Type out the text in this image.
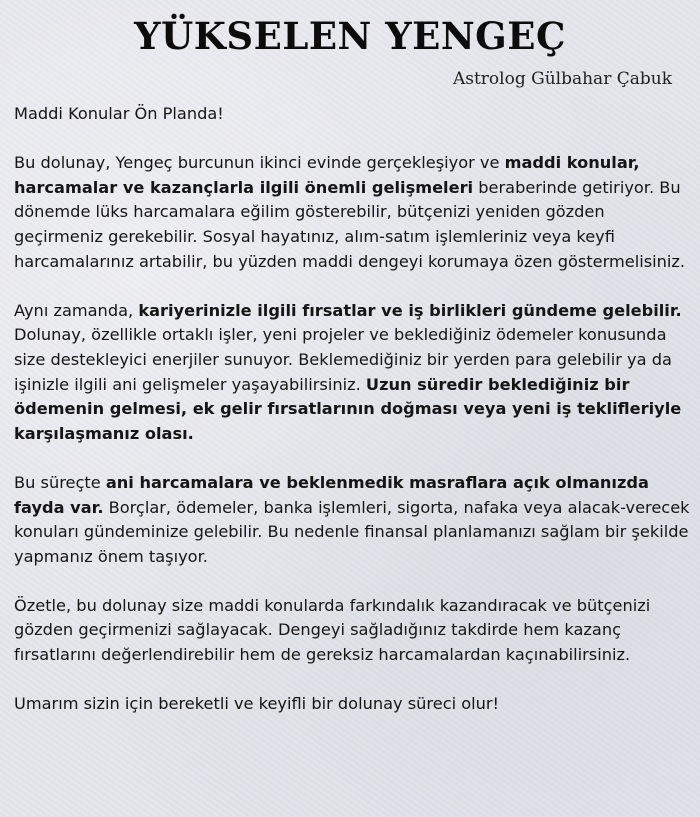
YÜKSELEN YENGEÇ
Astrolog Gülbahar Çabuk

Maddi Konular Ön Planda!

Bu dolunay, Yengeç burcunun ikinci evinde gerçekleşiyor ve maddi konular, harcamalar ve kazançlarla ilgili önemli gelişmeleri beraberinde getiriyor. Bu dönemde lüks harcamalara eğilim gösterebilir, bütçenizi yeniden gözden geçirmeniz gerekebilir. Sosyal hayatınız, alım-satım işlemleriniz veya keyfi harcamalarınız artabilir, bu yüzden maddi dengeyi korumaya özen göstermelisiniz.

Aynı zamanda, kariyerinizle ilgili fırsatlar ve iş birlikleri gündeme gelebilir. Dolunay, özellikle ortaklı işler, yeni projeler ve beklediğiniz ödemeler konusunda size destekleyici enerjiler sunuyor. Beklemediğiniz bir yerden para gelebilir ya da işinizle ilgili ani gelişmeler yaşayabilirsiniz. Uzun süredir beklediğiniz bir ödemenin gelmesi, ek gelir fırsatlarının doğması veya yeni iş teklifleriyle karşılaşmanız olası.

Bu süreçte ani harcamalara ve beklenmedik masraflara açık olmanızda fayda var. Borçlar, ödemeler, banka işlemleri, sigorta, nafaka veya alacak-verecek konuları gündeminize gelebilir. Bu nedenle finansal planlamanızı sağlam bir şekilde yapmanız önem taşıyor.

Özetle, bu dolunay size maddi konularda farkındalık kazandıracak ve bütçenizi gözden geçirmenizi sağlayacak. Dengeyi sağladığınız takdirde hem kazanç fırsatlarını değerlendirebilir hem de gereksiz harcamalardan kaçınabilirsiniz.

Umarım sizin için bereketli ve keyifli bir dolunay süreci olur!
